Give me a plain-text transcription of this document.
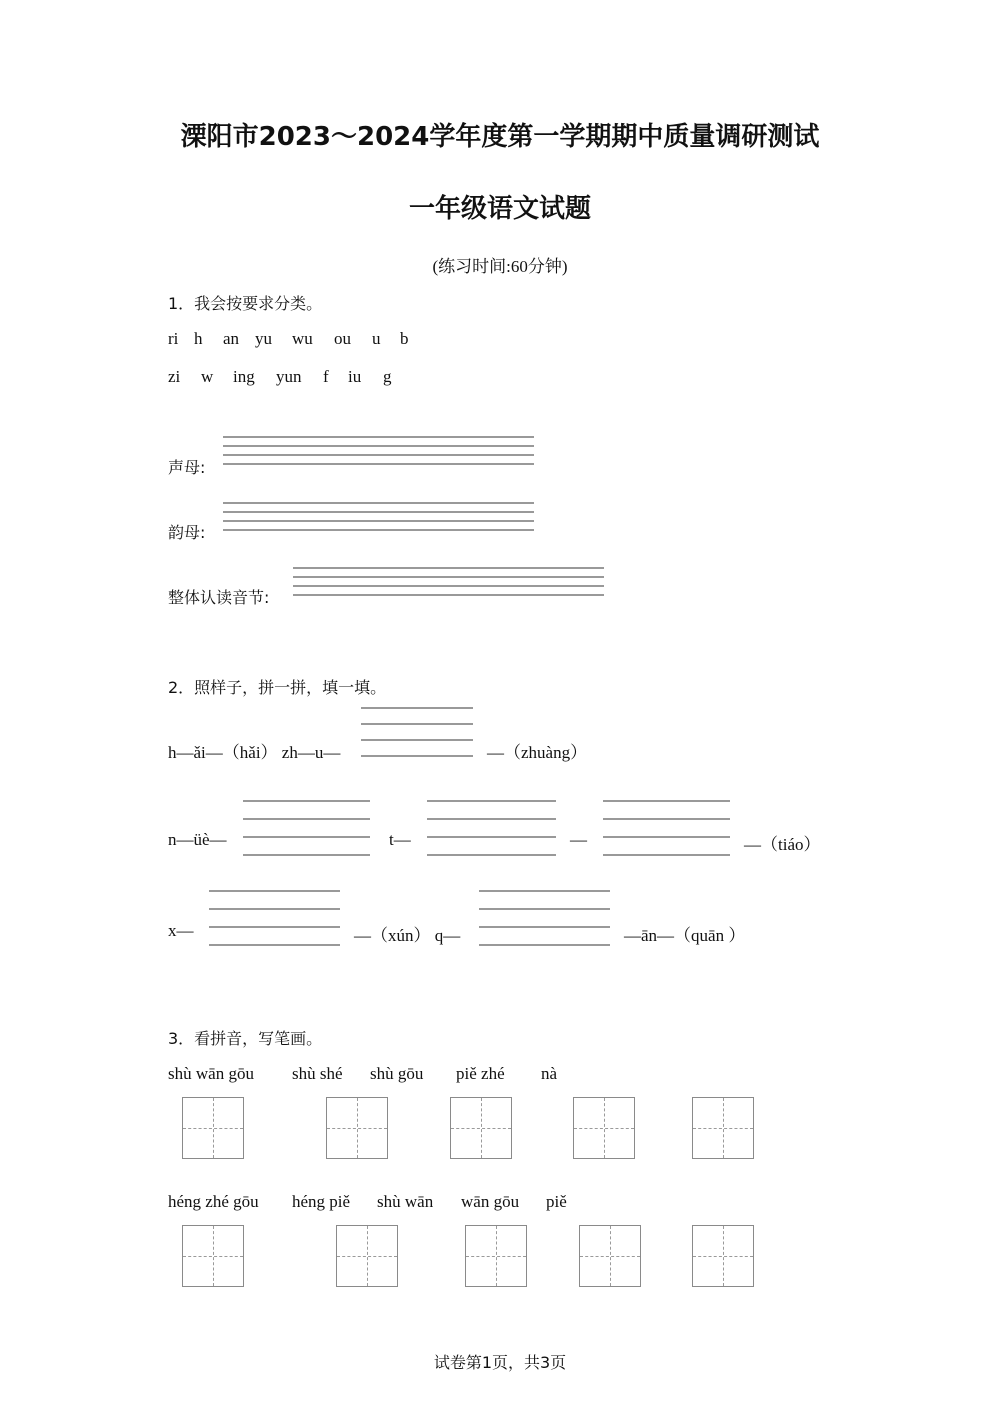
溧阳市2023～2024学年度第一学期期中质量调研测试
一年级语文试题
(练习时间:60分钟)
1．我会按要求分类。
ri h an yu wu ou u b
zi w ing yun f iu g
声母:
韵母:
整体认读音节:
2．照样子，拼一拼，填一填。
h—ǎi—（hǎi） zh—u—	—（zhuàng）
n—üè—	t—	—	—（tiáo）
x—	—（xún） q—	—ān—（quān ）
3．看拼音，写笔画。
shù wān gōu shù shé shù gōu piě zhé nà
héng zhé gōu héng piě shù wān wān gōu piě
试卷第1页，共3页
